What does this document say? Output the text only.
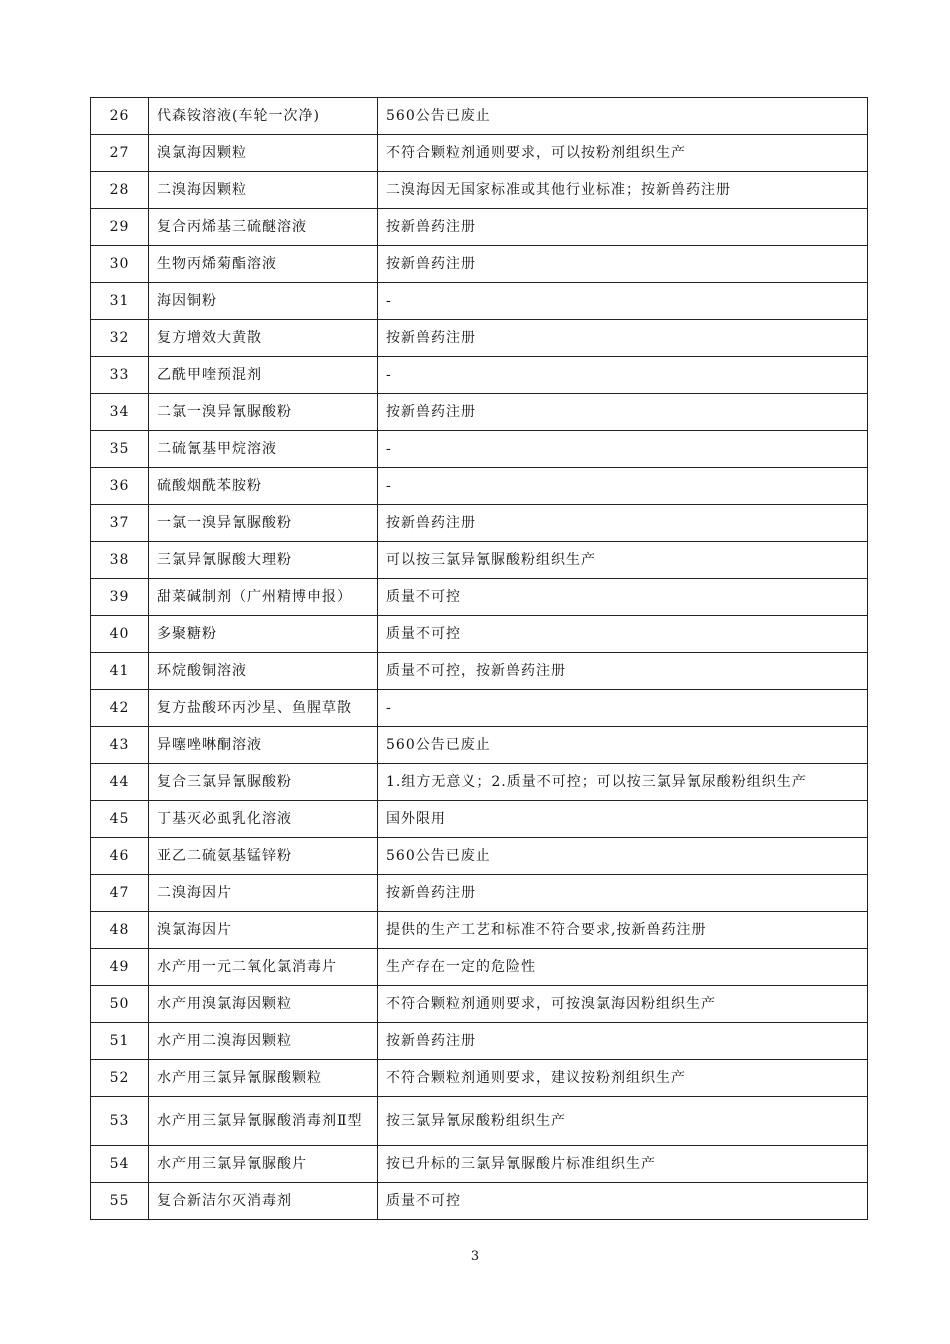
26	代森铵溶液(车轮一次净)	560公告已废止
27	溴氯海因颗粒	不符合颗粒剂通则要求，可以按粉剂组织生产
28	二溴海因颗粒	二溴海因无国家标准或其他行业标准；按新兽药注册
29	复合丙烯基三硫醚溶液	按新兽药注册
30	生物丙烯菊酯溶液	按新兽药注册
31	海因铜粉	-
32	复方增效大黄散	按新兽药注册
33	乙酰甲喹预混剂	-
34	二氯一溴异氰脲酸粉	按新兽药注册
35	二硫氰基甲烷溶液	-
36	硫酸烟酰苯胺粉	-
37	一氯一溴异氰脲酸粉	按新兽药注册
38	三氯异氰脲酸大理粉	可以按三氯异氰脲酸粉组织生产
39	甜菜碱制剂（广州精博申报）	质量不可控
40	多聚糖粉	质量不可控
41	环烷酸铜溶液	质量不可控，按新兽药注册
42	复方盐酸环丙沙星、鱼腥草散	-
43	异噻唑啉酮溶液	560公告已废止
44	复合三氯异氰脲酸粉	1.组方无意义；2.质量不可控；可以按三氯异氰尿酸粉组织生产
45	丁基灭必虱乳化溶液	国外限用
46	亚乙二硫氨基锰锌粉	560公告已废止
47	二溴海因片	按新兽药注册
48	溴氯海因片	提供的生产工艺和标准不符合要求,按新兽药注册
49	水产用一元二氧化氯消毒片	生产存在一定的危险性
50	水产用溴氯海因颗粒	不符合颗粒剂通则要求，可按溴氯海因粉组织生产
51	水产用二溴海因颗粒	按新兽药注册
52	水产用三氯异氰脲酸颗粒	不符合颗粒剂通则要求，建议按粉剂组织生产
53	水产用三氯异氰脲酸消毒剂Ⅱ型	按三氯异氰尿酸粉组织生产
54	水产用三氯异氰脲酸片	按已升标的三氯异氰脲酸片标准组织生产
55	复合新洁尔灭消毒剂	质量不可控
3
